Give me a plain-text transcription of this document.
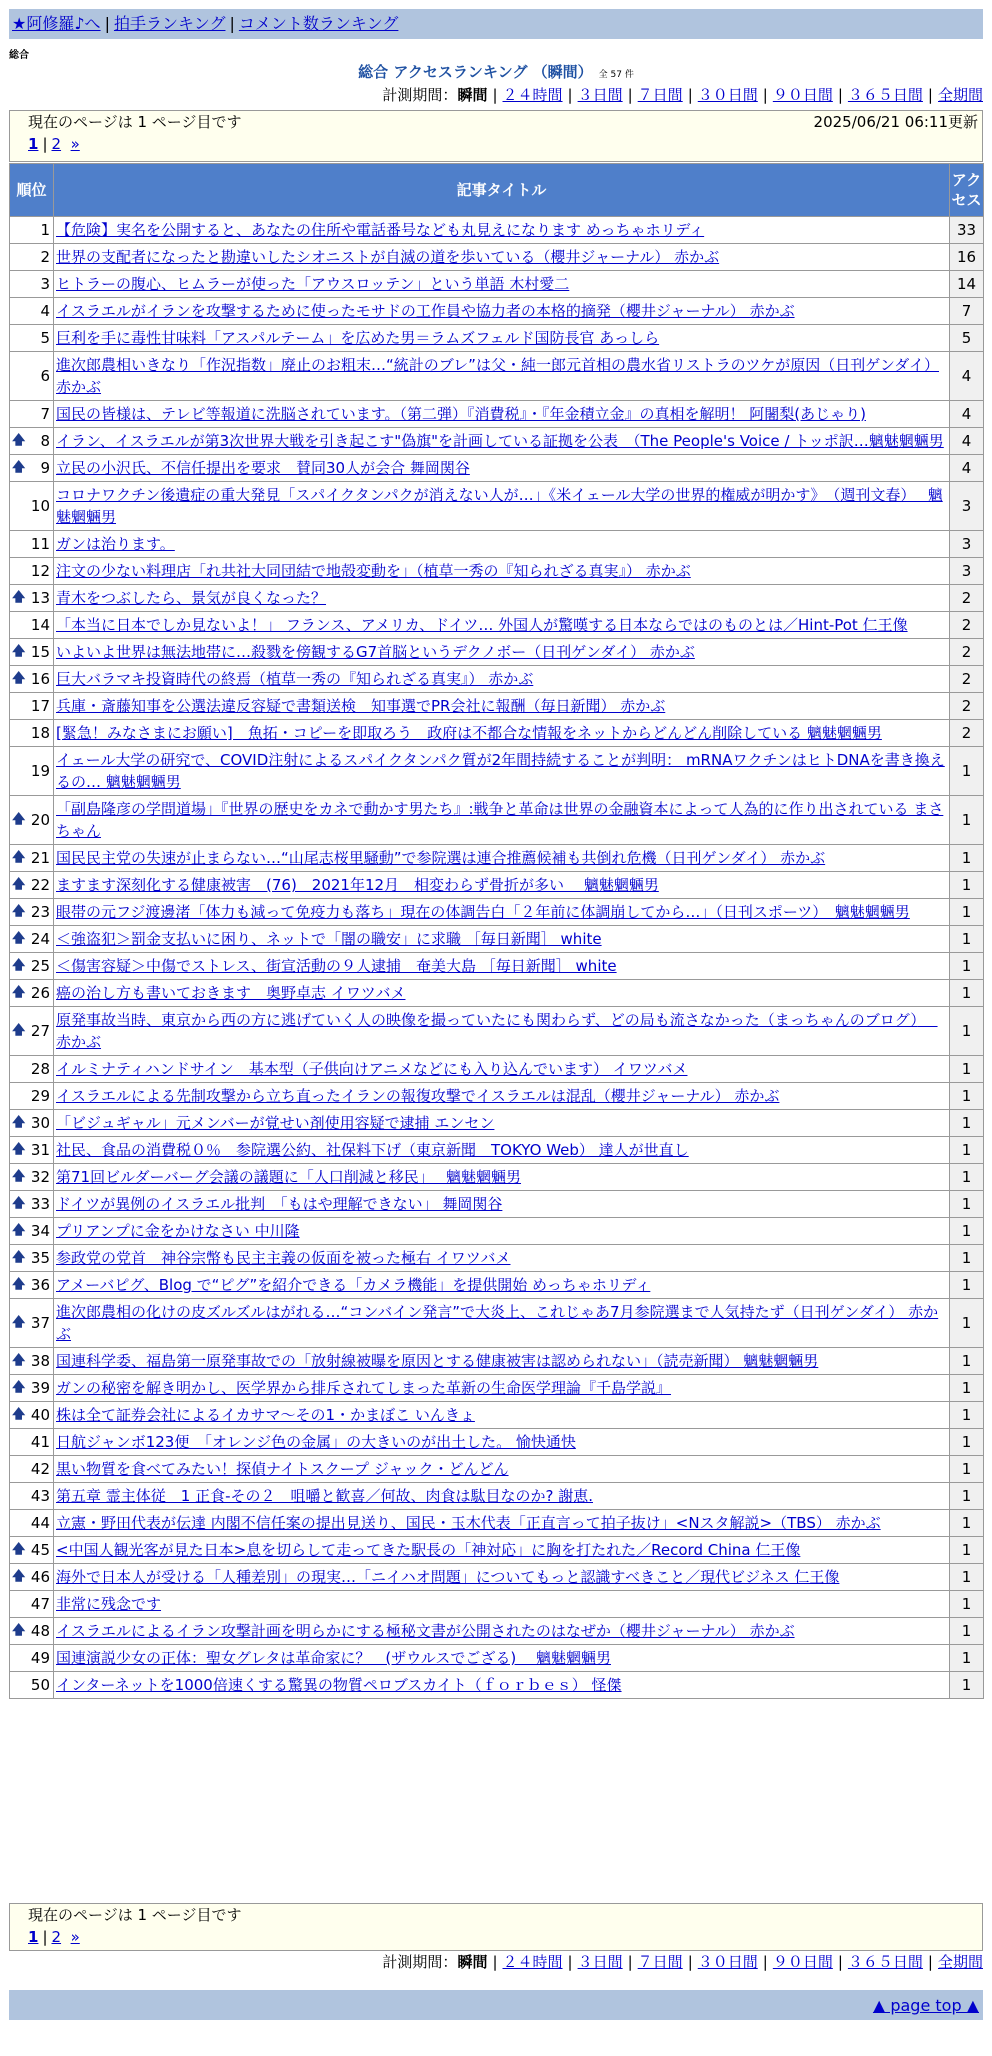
★阿修羅♪へ | 拍手ランキング | コメント数ランキング
総合
総合 アクセスランキング （瞬間） 全 57 件
計測期間：瞬間 | ２４時間 | ３日間 | ７日間 | ３０日間 | ９０日間 | ３６５日間 | 全期間
現在のページは 1 ページ目です	2025/06/21 06:11更新
1 | 2 »
順位	記事タイトル	アクセス
1	【危険】実名を公開すると、あなたの住所や電話番号なども丸見えになります めっちゃホリディ	33
2	世界の支配者になったと勘違いしたシオニストが自滅の道を歩いている（櫻井ジャーナル） 赤かぶ	16
3	ヒトラーの腹心、ヒムラーが使った「アウスロッテン」という単語 木村愛二	14
4	イスラエルがイランを攻撃するために使ったモサドの工作員や協力者の本格的摘発（櫻井ジャーナル） 赤かぶ	7
5	巨利を手に毒性甘味料「アスパルテーム」を広めた男＝ラムズフェルド国防長官 あっしら	5
6	進次郎農相いきなり「作況指数」廃止のお粗末…“統計のブレ”は父・純一郎元首相の農水省リストラのツケが原因（日刊ゲンダイ） 赤かぶ	4
7	国民の皆様は、テレビ等報道に洗脳されています。（第二弾）『消費税』・『年金積立金』の真相を解明！ 阿闍梨(あじゃり)	4

🡅 8	イラン、イスラエルが第3次世界大戦を引き起こす"偽旗"を計画している証拠を公表　（The People's Voice / トッポ訳…魑魅魍魎男	4

🡅 9	立民の小沢氏、不信任提出を要求　賛同30人が会合 舞岡関谷	4
10	コロナワクチン後遺症の重大発見「スパイクタンパクが消えない人が…」《米イェール大学の世界的権威が明かす》　（週刊文春）　 魑魅魍魎男	3
11	ガンは治ります。	3
12	注文の少ない料理店「れ共社大同団結で地殻変動を」（植草一秀の『知られざる真実』） 赤かぶ	3

🡅 13	青木をつぶしたら、景気が良くなった？	2
14	「本当に日本でしか見ないよ！」 フランス、アメリカ、ドイツ… 外国人が驚嘆する日本ならではのものとは／Hint-Pot 仁王像	2

🡅 15	いよいよ世界は無法地帯に…殺戮を傍観するG7首脳というデクノボー（日刊ゲンダイ） 赤かぶ	2

🡅 16	巨大バラマキ投資時代の終焉（植草一秀の『知られざる真実』） 赤かぶ	2
17	兵庫・斎藤知事を公選法違反容疑で書類送検　知事選でPR会社に報酬（毎日新聞） 赤かぶ	2
18	[緊急！みなさまにお願い]　魚拓・コピーを即取ろう　政府は不都合な情報をネットからどんどん削除している 魑魅魍魎男	2
19	イェール大学の研究で、COVID注射によるスパイクタンパク質が2年間持続することが判明： mRNAワクチンはヒトDNAを書き換えるの… 魑魅魍魎男	1

🡅 20	「副島隆彦の学問道場」『世界の歴史をカネで動かす男たち』:戦争と革命は世界の金融資本によって人為的に作り出されている まさちゃん	1

🡅 21	国民民主党の失速が止まらない…“山尾志桜里騒動”で参院選は連合推薦候補も共倒れ危機（日刊ゲンダイ） 赤かぶ	1

🡅 22	ますます深刻化する健康被害　(76)　2021年12月　相変わらず骨折が多い　 魑魅魍魎男	1

🡅 23	眼帯の元フジ渡邊渚「体力も減って免疫力も落ち」現在の体調告白「２年前に体調崩してから…」（日刊スポーツ）　魑魅魍魎男	1

🡅 24	＜強盗犯＞罰金支払いに困り、ネットで「闇の職安」に求職 ［毎日新聞］ white	1

🡅 25	＜傷害容疑＞中傷でストレス、街宣活動の９人逮捕　奄美大島 ［毎日新聞］ white	1

🡅 26	癌の治し方も書いておきます　奥野卓志 イワツバメ	1

🡅 27	原発事故当時、東京から西の方に逃げていく人の映像を撮っていたにも関わらず、どの局も流さなかった（まっちゃんのブログ）　 赤かぶ	1
28	イルミナティハンドサイン　基本型（子供向けアニメなどにも入り込んでいます） イワツバメ	1
29	イスラエルによる先制攻撃から立ち直ったイランの報復攻撃でイスラエルは混乱（櫻井ジャーナル） 赤かぶ	1

🡅 30	「ビジュギャル」元メンバーが覚せい剤使用容疑で逮捕 エンセン	1

🡅 31	社民、食品の消費税０％　参院選公約、社保料下げ（東京新聞　TOKYO Web） 達人が世直し	1

🡅 32	第71回ビルダーバーグ会議の議題に「人口削減と移民」　 魑魅魍魎男	1

🡅 33	ドイツが異例のイスラエル批判　「もはや理解できない」 舞岡関谷	1

🡅 34	プリアンプに金をかけなさい 中川隆	1

🡅 35	参政党の党首　神谷宗幣も民主主義の仮面を被った極右 イワツバメ	1

🡅 36	アメーバピグ、Blog で“ピグ”を紹介できる「カメラ機能」を提供開始 めっちゃホリディ	1

🡅 37	進次郎農相の化けの皮ズルズルはがれる…“コンバイン発言”で大炎上、これじゃあ7月参院選まで人気持たず（日刊ゲンダイ） 赤かぶ	1

🡅 38	国連科学委、福島第一原発事故での「放射線被曝を原因とする健康被害は認められない」（読売新聞） 魑魅魍魎男	1

🡅 39	ガンの秘密を解き明かし、医学界から排斥されてしまった革新の生命医学理論『千島学説』	1

🡅 40	株は全て証券会社によるイカサマ〜その1・かまぼこ いんきょ	1
41	日航ジャンボ123便　「オレンジ色の金属」の大きいのが出土した。 愉快通快	1
42	黒い物質を食べてみたい！探偵ナイトスクープ ジャック・どんどん	1
43	第五章 霊主体従　1 正食-その２　咀嚼と歓喜／何故、肉食は駄目なのか? 謝恵.	1
44	立憲・野田代表が伝達 内閣不信任案の提出見送り、国民・玉木代表「正直言って拍子抜け」<Nスタ解説>（TBS） 赤かぶ	1

🡅 45	<中国人観光客が見た日本>息を切らして走ってきた駅長の「神対応」に胸を打たれた／Record China 仁王像	1

🡅 46	海外で日本人が受ける「人種差別」の現実…「ニイハオ問題」についてもっと認識すべきこと／現代ビジネス 仁王像	1
47	非常に残念です	1

🡅 48	イスラエルによるイラン攻撃計画を明らかにする極秘文書が公開されたのはなぜか（櫻井ジャーナル） 赤かぶ	1
49	国連演説少女の正体：聖女グレタは革命家に？　(ザウルスでござる)　 魑魅魍魎男	1
50	インターネットを1000倍速くする驚異の物質ペロブスカイト（ｆｏｒｂｅｓ） 怪傑	1
現在のページは 1 ページ目です
1 | 2 »
計測期間：瞬間 | ２４時間 | ３日間 | ７日間 | ３０日間 | ９０日間 | ３６５日間 | 全期間
▲ page top ▲
